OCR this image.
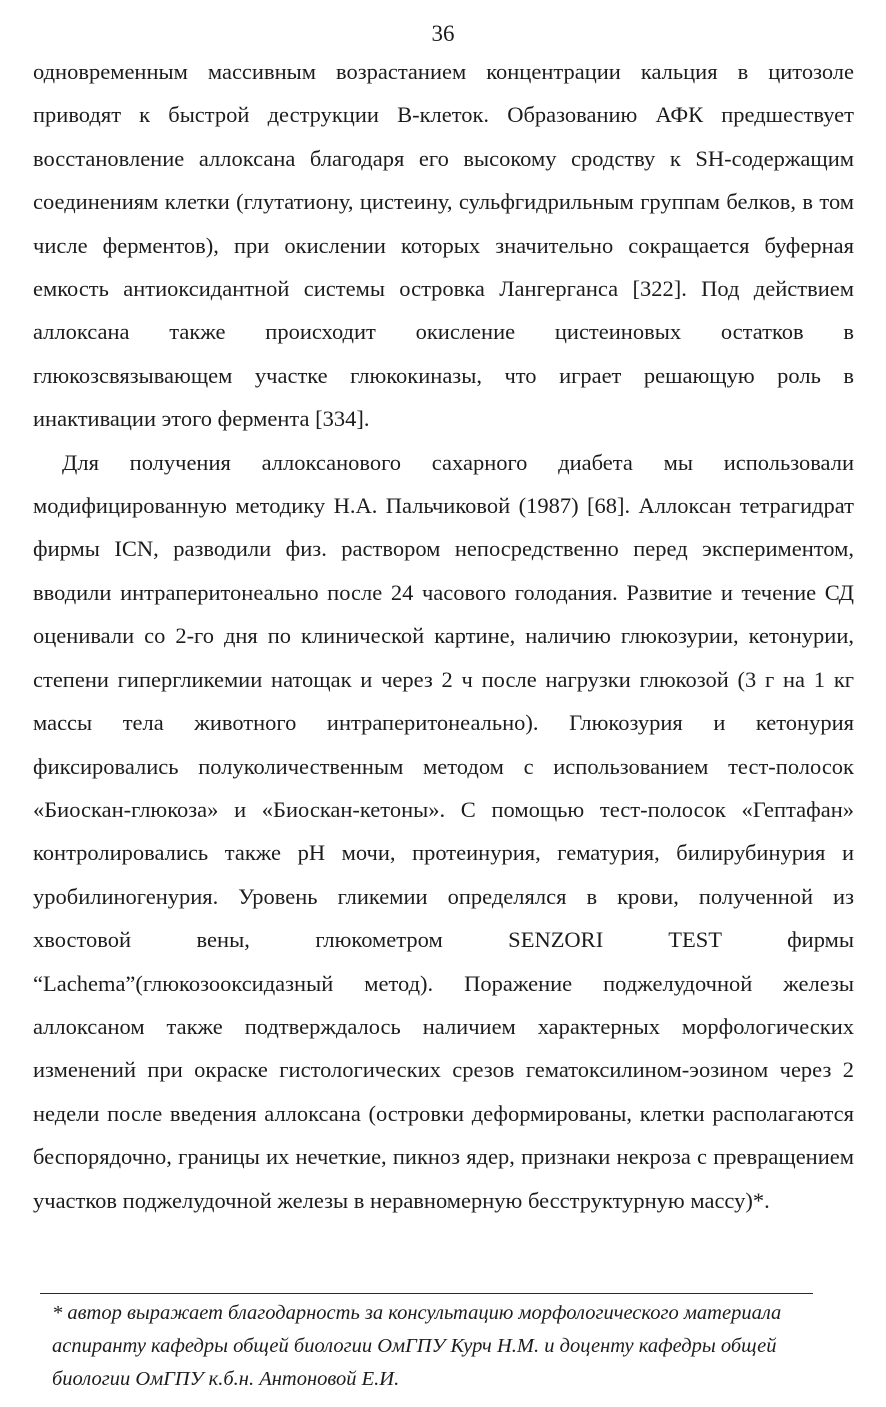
36

одновременным массивным возрастанием концентрации кальция в цитозоле приводят к быстрой деструкции В-клеток. Образованию АФК предшествует восстановление аллоксана благодаря его высокому сродству к SH-содержащим соединениям клетки (глутатиону, цистеину, сульфгидрильным группам белков, в том числе ферментов), при окислении которых значительно сокращается буферная емкость антиоксидантной системы островка Лангерганса [322]. Под действием аллоксана также происходит окисление цистеиновых остатков в глюкозсвязывающем участке глюкокиназы, что играет решающую роль в инактивации этого фермента [334].

Для получения аллоксанового сахарного диабета мы использовали модифицированную методику Н.А. Пальчиковой (1987) [68]. Аллоксан тетрагидрат фирмы ICN, разводили физ. раствором непосредственно перед экспериментом, вводили интраперитонеально после 24 часового голодания. Развитие и течение СД оценивали со 2-го дня по клинической картине, наличию глюкозурии, кетонурии, степени гипергликемии натощак и через 2 ч после нагрузки глюкозой (3 г на 1 кг массы тела животного интраперитонеально). Глюкозурия и кетонурия фиксировались полуколичественным методом с использованием тест-полосок «Биоскан-глюкоза» и «Биоскан-кетоны». С помощью тест-полосок «Гептафан» контролировались также рН мочи, протеинурия, гематурия, билирубинурия и уробилиногенурия. Уровень гликемии определялся в крови, полученной из хвостовой вены, глюкометром SENZORI TEST фирмы “Lachema”(глюкозооксидазный метод). Поражение поджелудочной железы аллоксаном также подтверждалось наличием характерных морфологических изменений при окраске гистологических срезов гематоксилином-эозином через 2 недели после введения аллоксана (островки деформированы, клетки располагаются беспорядочно, границы их нечеткие, пикноз ядер, признаки некроза с превращением участков поджелудочной железы в неравномерную бесструктурную массу)*.

* автор выражает благодарность за консультацию морфологического материала аспиранту кафедры общей биологии ОмГПУ Курч Н.М. и доценту кафедры общей биологии ОмГПУ к.б.н. Антоновой Е.И.
